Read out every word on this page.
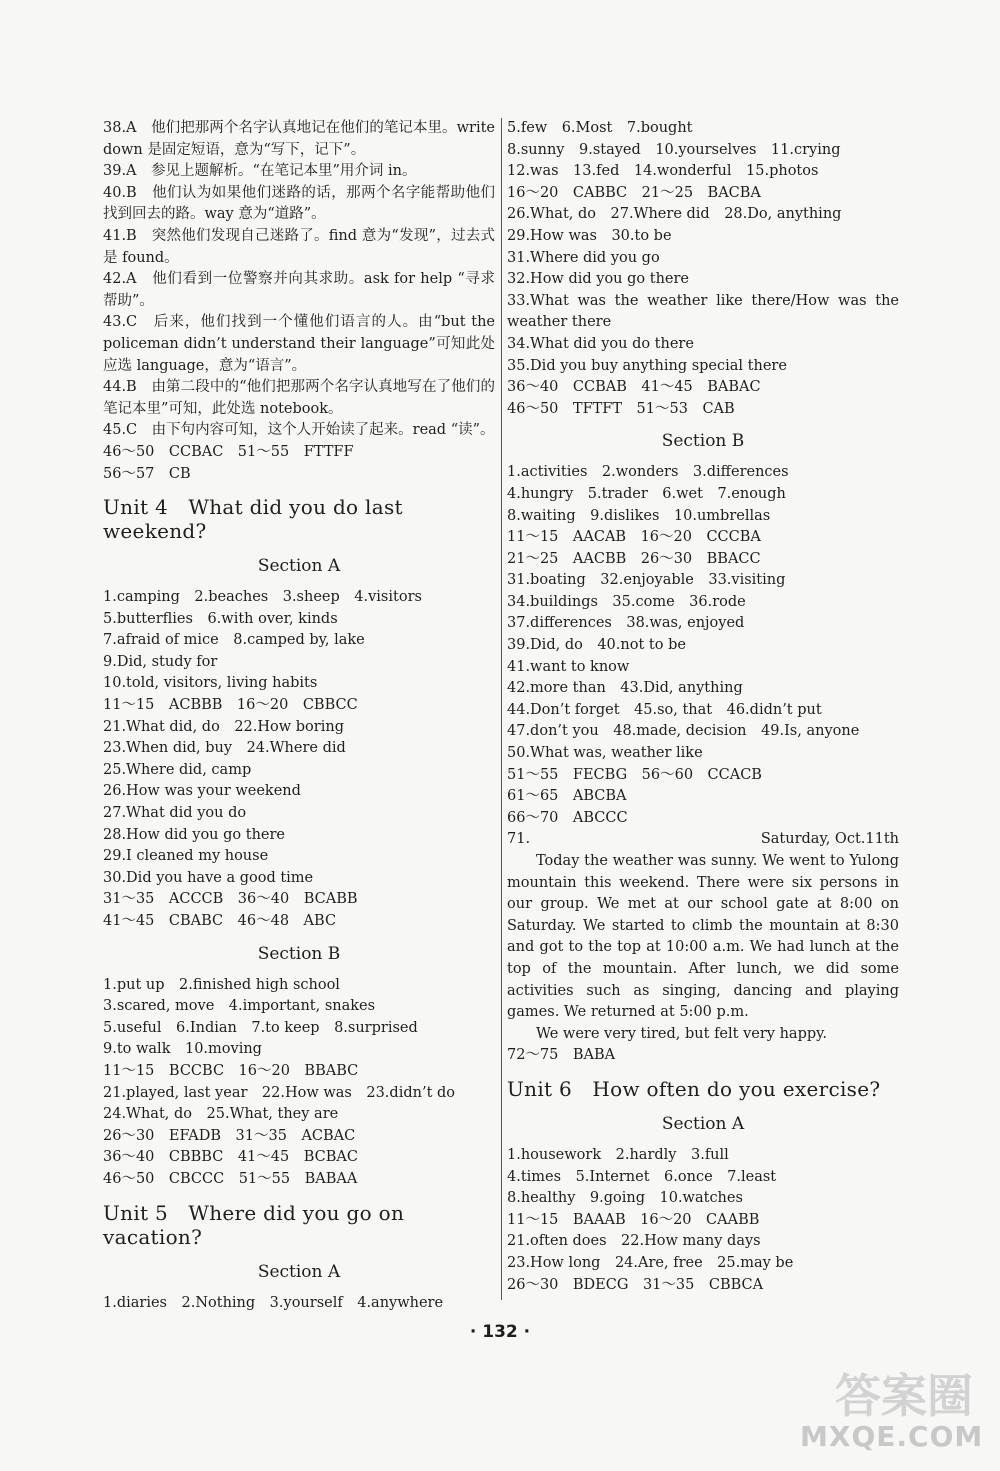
38.A　他们把那两个名字认真地记在他们的笔记本里。write down 是固定短语，意为“写下，记下”。
39.A　参见上题解析。“在笔记本里”用介词 in。
40.B　他们认为如果他们迷路的话，那两个名字能帮助他们找到回去的路。way 意为“道路”。
41.B　突然他们发现自己迷路了。find 意为“发现”，过去式是 found。
42.A　他们看到一位警察并向其求助。ask for help “寻求帮助”。
43.C　后来，他们找到一个懂他们语言的人。由“but the policeman didn’t understand their language”可知此处应选 language，意为“语言”。
44.B　由第二段中的“他们把那两个名字认真地写在了他们的笔记本里”可知，此处选 notebook。
45.C　由下句内容可知，这个人开始读了起来。read “读”。
46～50　CCBAC　51～55　FTTFF
56～57　CB
Unit 4　What did you do last weekend?
Section A
1.camping　2.beaches　3.sheep　4.visitors
5.butterflies　6.with over, kinds
7.afraid of mice　8.camped by, lake
9.Did, study for
10.told, visitors, living habits
11～15　ACBBB　16～20　CBBCC
21.What did, do　22.How boring
23.When did, buy　24.Where did
25.Where did, camp
26.How was your weekend
27.What did you do
28.How did you go there
29.I cleaned my house
30.Did you have a good time
31～35　ACCCB　36～40　BCABB
41～45　CBABC　46～48　ABC
Section B
1.put up　2.finished high school
3.scared, move　4.important, snakes
5.useful　6.Indian　7.to keep　8.surprised
9.to walk　10.moving
11～15　BCCBC　16～20　BBABC
21.played, last year　22.How was　23.didn’t do
24.What, do　25.What, they are
26～30　EFADB　31～35　ACBAC
36～40　CBBBC　41～45　BCBAC
46～50　CBCCC　51～55　BABAA
Unit 5　Where did you go on vacation?
Section A
1.diaries　2.Nothing　3.yourself　4.anywhere
5.few　6.Most　7.bought
8.sunny　9.stayed　10.yourselves　11.crying
12.was　13.fed　14.wonderful　15.photos
16～20　CABBC　21～25　BACBA
26.What, do　27.Where did　28.Do, anything
29.How was　30.to be
31.Where did you go
32.How did you go there
33.What was the weather like there/How was the weather there
34.What did you do there
35.Did you buy anything special there
36～40　CCBAB　41～45　BABAC
46～50　TFTFT　51～53　CAB
Section B
1.activities　2.wonders　3.differences
4.hungry　5.trader　6.wet　7.enough
8.waiting　9.dislikes　10.umbrellas
11～15　AACAB　16～20　CCCBA
21～25　AACBB　26～30　BBACC
31.boating　32.enjoyable　33.visiting
34.buildings　35.come　36.rode
37.differences　38.was, enjoyed
39.Did, do　40.not to be
41.want to know
42.more than　43.Did, anything
44.Don’t forget　45.so, that　46.didn’t put
47.don’t you　48.made, decision　49.Is, anyone
50.What was, weather like
51～55　FECBG　56～60　CCACB
61～65　ABCBA
66～70　ABCCC
71.	Saturday, Oct.11th
Today the weather was sunny. We went to Yulong mountain this weekend. There were six persons in our group. We met at our school gate at 8:00 on Saturday. We started to climb the mountain at 8:30 and got to the top at 10:00 a.m. We had lunch at the top of the mountain. After lunch, we did some activities such as singing, dancing and playing games. We returned at 5:00 p.m.
We were very tired, but felt very happy.
72～75　BABA
Unit 6　How often do you exercise?
Section A
1.housework　2.hardly　3.full
4.times　5.Internet　6.once　7.least
8.healthy　9.going　10.watches
11～15　BAAAB　16～20　CAABB
21.often does　22.How many days
23.How long　24.Are, free　25.may be
26～30　BDECG　31～35　CBBCA
· 132 ·
答案圈
MXQE.COM
